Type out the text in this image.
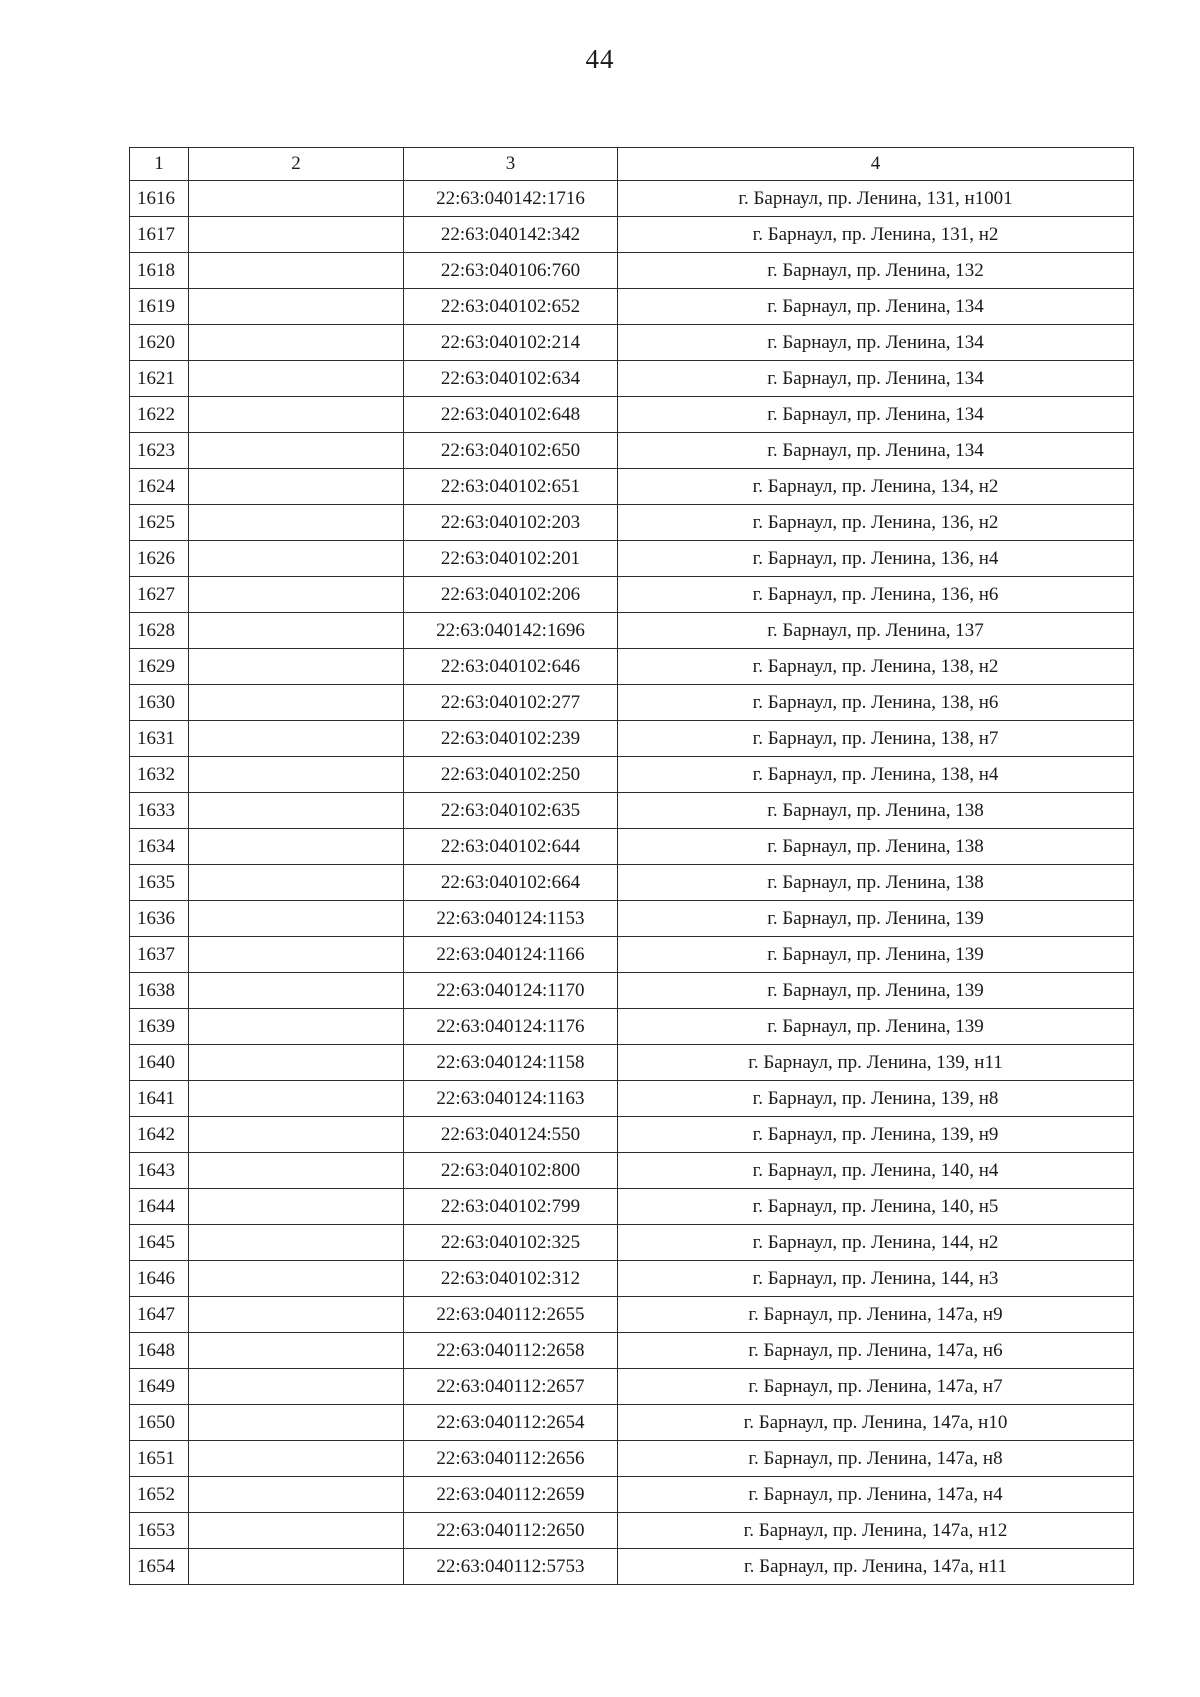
44
1	2	3	4
1616		22:63:040142:1716	г. Барнаул, пр. Ленина, 131, н1001
1617		22:63:040142:342	г. Барнаул, пр. Ленина, 131, н2
1618		22:63:040106:760	г. Барнаул, пр. Ленина, 132
1619		22:63:040102:652	г. Барнаул, пр. Ленина, 134
1620		22:63:040102:214	г. Барнаул, пр. Ленина, 134
1621		22:63:040102:634	г. Барнаул, пр. Ленина, 134
1622		22:63:040102:648	г. Барнаул, пр. Ленина, 134
1623		22:63:040102:650	г. Барнаул, пр. Ленина, 134
1624		22:63:040102:651	г. Барнаул, пр. Ленина, 134, н2
1625		22:63:040102:203	г. Барнаул, пр. Ленина, 136, н2
1626		22:63:040102:201	г. Барнаул, пр. Ленина, 136, н4
1627		22:63:040102:206	г. Барнаул, пр. Ленина, 136, н6
1628		22:63:040142:1696	г. Барнаул, пр. Ленина, 137
1629		22:63:040102:646	г. Барнаул, пр. Ленина, 138, н2
1630		22:63:040102:277	г. Барнаул, пр. Ленина, 138, н6
1631		22:63:040102:239	г. Барнаул, пр. Ленина, 138, н7
1632		22:63:040102:250	г. Барнаул, пр. Ленина, 138, н4
1633		22:63:040102:635	г. Барнаул, пр. Ленина, 138
1634		22:63:040102:644	г. Барнаул, пр. Ленина, 138
1635		22:63:040102:664	г. Барнаул, пр. Ленина, 138
1636		22:63:040124:1153	г. Барнаул, пр. Ленина, 139
1637		22:63:040124:1166	г. Барнаул, пр. Ленина, 139
1638		22:63:040124:1170	г. Барнаул, пр. Ленина, 139
1639		22:63:040124:1176	г. Барнаул, пр. Ленина, 139
1640		22:63:040124:1158	г. Барнаул, пр. Ленина, 139, н11
1641		22:63:040124:1163	г. Барнаул, пр. Ленина, 139, н8
1642		22:63:040124:550	г. Барнаул, пр. Ленина, 139, н9
1643		22:63:040102:800	г. Барнаул, пр. Ленина, 140, н4
1644		22:63:040102:799	г. Барнаул, пр. Ленина, 140, н5
1645		22:63:040102:325	г. Барнаул, пр. Ленина, 144, н2
1646		22:63:040102:312	г. Барнаул, пр. Ленина, 144, н3
1647		22:63:040112:2655	г. Барнаул, пр. Ленина, 147а, н9
1648		22:63:040112:2658	г. Барнаул, пр. Ленина, 147а, н6
1649		22:63:040112:2657	г. Барнаул, пр. Ленина, 147а, н7
1650		22:63:040112:2654	г. Барнаул, пр. Ленина, 147а, н10
1651		22:63:040112:2656	г. Барнаул, пр. Ленина, 147а, н8
1652		22:63:040112:2659	г. Барнаул, пр. Ленина, 147а, н4
1653		22:63:040112:2650	г. Барнаул, пр. Ленина, 147а, н12
1654		22:63:040112:5753	г. Барнаул, пр. Ленина, 147а, н11
